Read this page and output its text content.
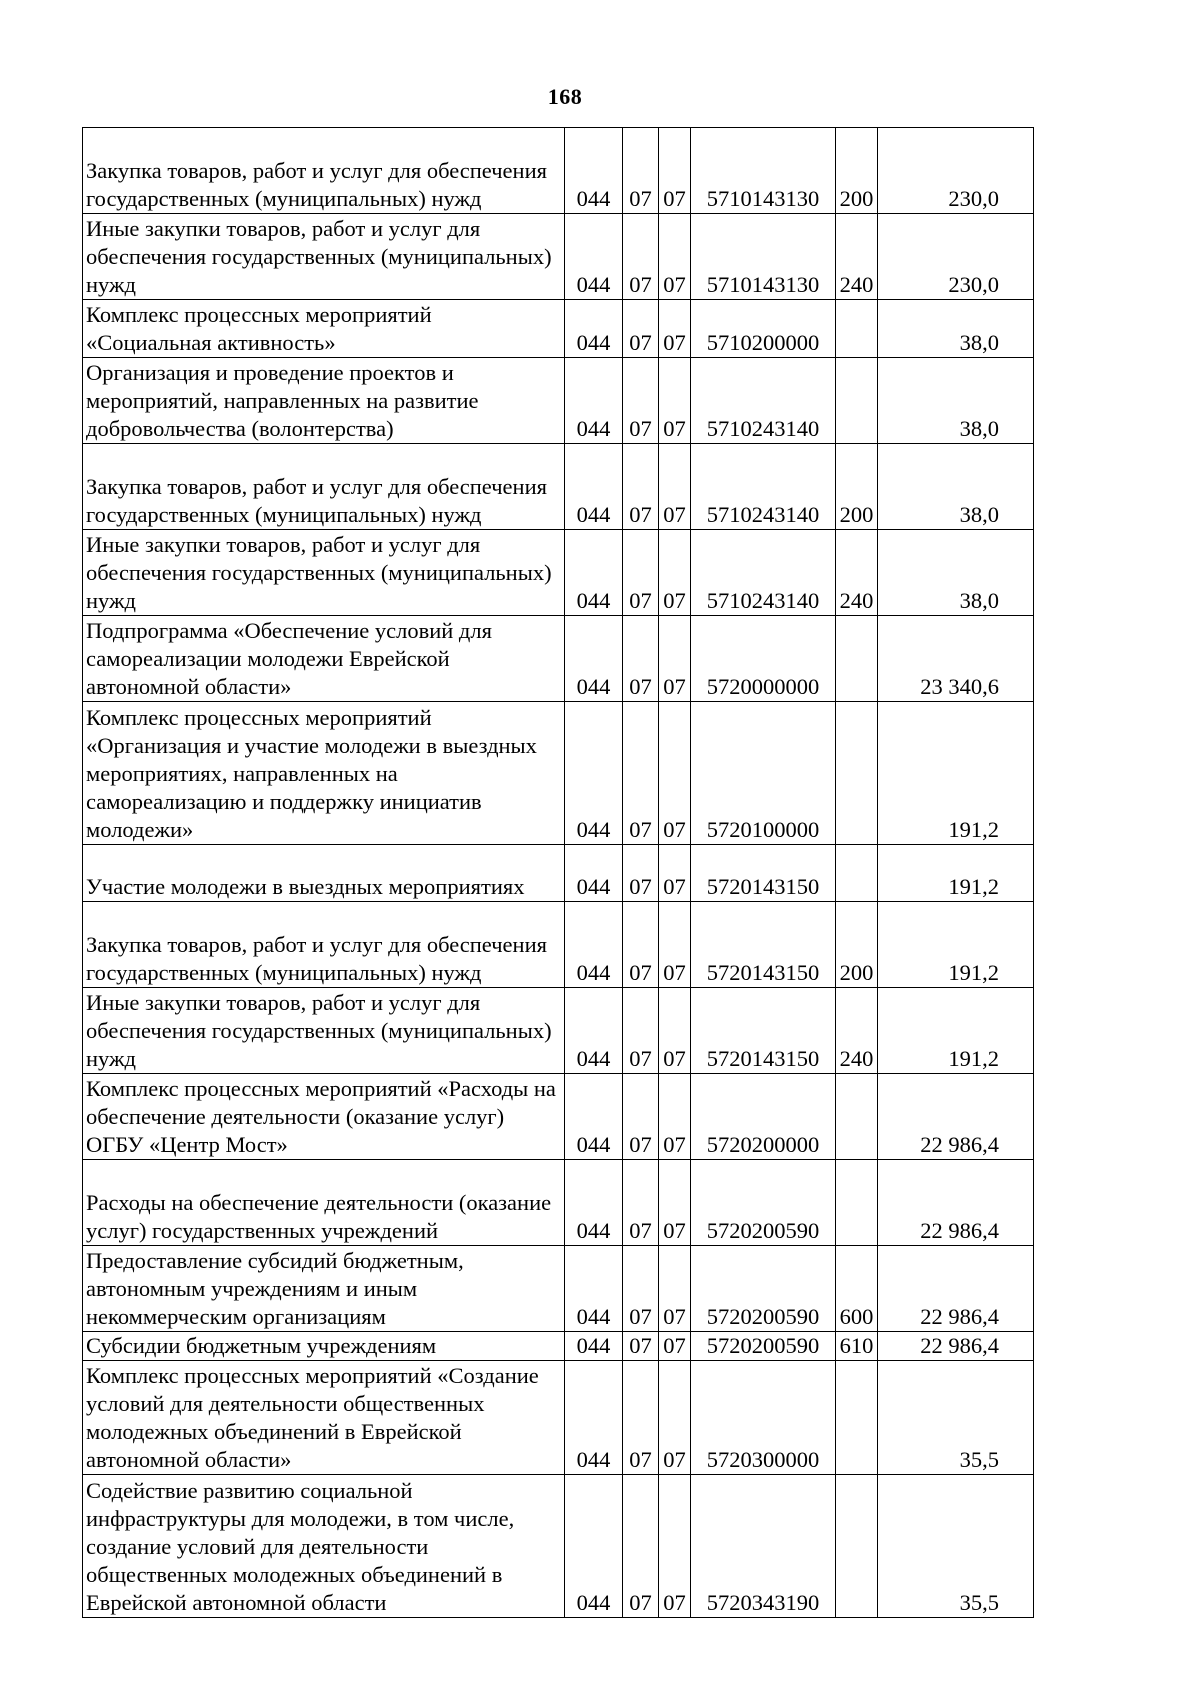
168
Закупка товаров, работ и услуг для обеспечения государственных (муниципальных) нужд	044	07	07	5710143130	200	230,0
Иные закупки товаров, работ и услуг для обеспечения государственных (муниципальных) нужд	044	07	07	5710143130	240	230,0
Комплекс процессных мероприятий «Социальная активность»	044	07	07	5710200000		38,0
Организация и проведение проектов и мероприятий, направленных на развитие добровольчества (волонтерства)	044	07	07	5710243140		38,0
Закупка товаров, работ и услуг для обеспечения государственных (муниципальных) нужд	044	07	07	5710243140	200	38,0
Иные закупки товаров, работ и услуг для обеспечения государственных (муниципальных) нужд	044	07	07	5710243140	240	38,0
Подпрограмма «Обеспечение условий для самореализации молодежи Еврейской автономной области»	044	07	07	5720000000		23 340,6
Комплекс процессных мероприятий «Организация и участие молодежи в выездных мероприятиях, направленных на самореализацию и поддержку инициатив молодежи»	044	07	07	5720100000		191,2
Участие молодежи в выездных мероприятиях	044	07	07	5720143150		191,2
Закупка товаров, работ и услуг для обеспечения государственных (муниципальных) нужд	044	07	07	5720143150	200	191,2
Иные закупки товаров, работ и услуг для обеспечения государственных (муниципальных) нужд	044	07	07	5720143150	240	191,2
Комплекс процессных мероприятий «Расходы на обеспечение деятельности (оказание услуг) ОГБУ «Центр Мост»	044	07	07	5720200000		22 986,4
Расходы на обеспечение деятельности (оказание услуг) государственных учреждений	044	07	07	5720200590		22 986,4
Предоставление субсидий бюджетным, автономным учреждениям и иным некоммерческим организациям	044	07	07	5720200590	600	22 986,4
Субсидии бюджетным учреждениям	044	07	07	5720200590	610	22 986,4
Комплекс процессных мероприятий «Создание условий для деятельности общественных молодежных объединений в Еврейской автономной области»	044	07	07	5720300000		35,5
Содействие развитию социальной инфраструктуры для молодежи, в том числе, создание условий для деятельности общественных молодежных объединений в Еврейской автономной области	044	07	07	5720343190		35,5
